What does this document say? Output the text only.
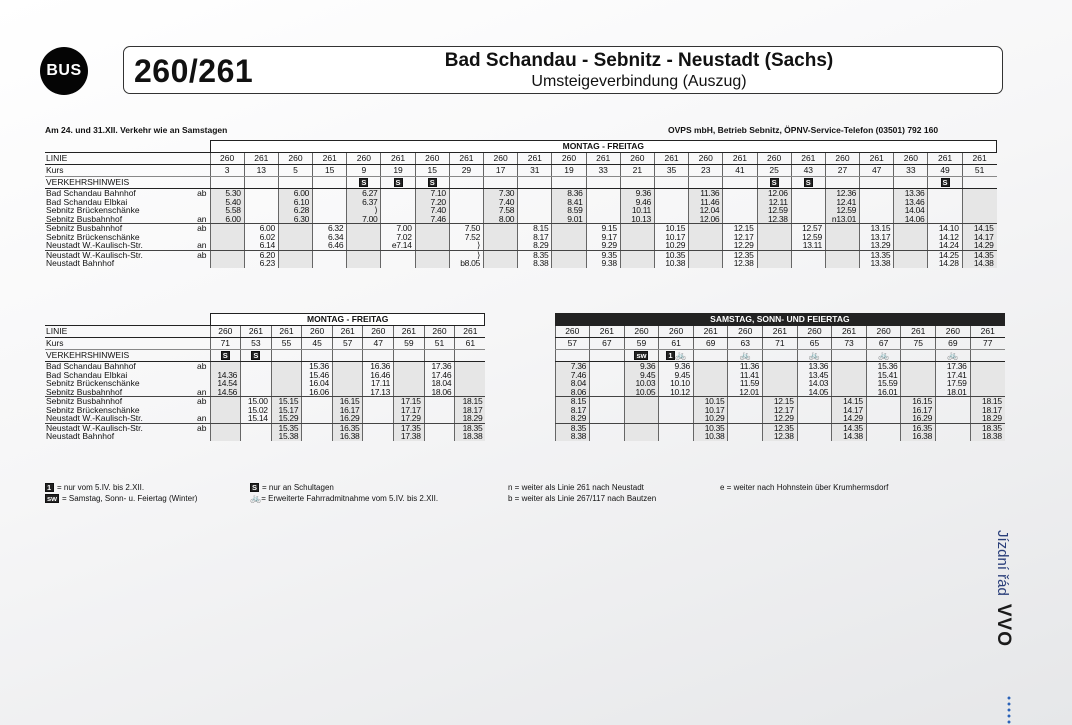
BUS 260/261	Bad Schandau - Sebnitz - Neustadt (Sachs)
Umsteigeverbindung (Auszug)
Am 24. und 31.XII. Verkehr wie an Samstagen	OVPS mbH, Betrieb Sebnitz, ÖPNV-Service-Telefon (03501) 792 160
MONTAG - FREITAG
LINIE		260	261	260	261	260	261	260	261	260	261	260	261	260	261	260	261	260	261	260	261	260	261	261
Kurs		3	13	5	15	9	19	15	29	17	31	19	33	21	35	23	41	25	43	27	47	33	49	51
VERKEHRSHINWEIS						S	S	S										S	S				S	
Bad Schandau Bahnhof	ab	5.30		6.00		6.27		7.10		7.30		8.36		9.36		11.36		12.06		12.36		13.36		
Bad Schandau Elbkai		5.40		6.10		6.37		7.20		7.40		8.41		9.46		11.46		12.11		12.41		13.46		
Sebnitz Brückenschänke		5.58		6.28		⟩		7.40		7.58		8.59		10.11		12.04		12.59		12.59		14.04		
Sebnitz Busbahnhof	an	6.00		6.30		7.00		7.46		8.00		9.01		10.13		12.06		12.38		n13.01		14.06		
Sebnitz Busbahnhof	ab		6.00		6.32		7.00		7.50		8.15		9.15		10.15		12.15		12.57		13.15		14.10	14.15
Sebnitz Brückenschänke			6.02		6.34		7.02		7.52		8.17		9.17		10.17		12.17		12.59		13.17		14.12	14.17
Neustadt W.-Kaulisch-Str.	an		6.14		6.46		e7.14		⟩		8.29		9.29		10.29		12.29		13.11		13.29		14.24	14.29
Neustadt W.-Kaulisch-Str.	ab		6.20						⟩		8.35		9.35		10.35		12.35				13.35		14.25	14.35
Neustadt Bahnhof			6.23						b8.05		8.38		9.38		10.38		12.38				13.38		14.28	14.38
MONTAG - FREITAG
LINIE		260	261	261	260	261	260	261	260	261
Kurs		71	53	55	45	57	47	59	51	61
VERKEHRSHINWEIS		S	S							
Bad Schandau Bahnhof	ab				15.36		16.36		17.36	
Bad Schandau Elbkai		14.36			15.46		16.46		17.46	
Sebnitz Brückenschänke		14.54			16.04		17.11		18.04	
Sebnitz Busbahnhof	an	14.56			16.06		17.13		18.06	
Sebnitz Busbahnhof	ab		15.00	15.15		16.15		17.15		18.15
Sebnitz Brückenschänke			15.02	15.17		16.17		17.17		18.17
Neustadt W.-Kaulisch-Str.	an		15.14	15.29		16.29		17.29		18.29
Neustadt W.-Kaulisch-Str.	ab			15.35		16.35		17.35		18.35
Neustadt Bahnhof				15.38		16.38		17.38		18.38
SAMSTAG, SONN- UND FEIERTAG
		260	261	260	260	261	260	261	260	261	260	261	260	261
		57	67	59	61	69	63	71	65	73	67	75	69	77
				sw	1 🚲		🚲		🚲		🚲		🚲	
		7.36		9.36	9.36		11.36		13.36		15.36		17.36	
		7.46		9.45	9.45		11.41		13.45		15.41		17.41	
		8.04		10.03	10.10		11.59		14.03		15.59		17.59	
		8.06		10.05	10.12		12.01		14.05		16.01		18.01	
		8.15				10.15		12.15		14.15		16.15		18.15
		8.17				10.17		12.17		14.17		16.17		18.17
		8.29				10.29		12.29		14.29		16.29		18.29
		8.35				10.35		12.35		14.35		16.35		18.35
		8.38				10.38		12.38		14.38		16.38		18.38
1 = nur vom 5.IV. bis 2.XII.
sw = Samstag, Sonn- u. Feiertag (Winter)
S = nur an Schultagen
🚲 = Erweiterte Fahrradmitnahme vom 5.IV. bis 2.XII.
n = weiter als Linie 261 nach Neustadt
b = weiter als Linie 267/117 nach Bautzen
e = weiter nach Hohnstein über Krumhermsdorf
Jízdní řád
VVO
